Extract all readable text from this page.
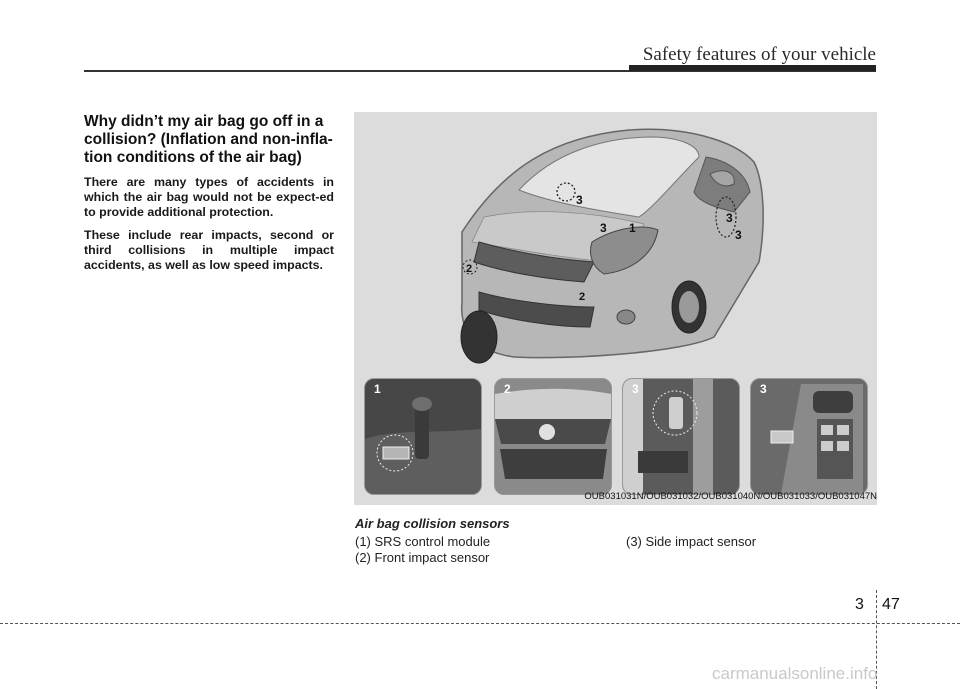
Safety features of your vehicle

Why didn’t my air bag go off in a collision? (Inflation and non-infla-tion conditions of the air bag)

There are many types of accidents in which the air bag would not be expect-ed to provide additional protection.

These include rear impacts, second or third collisions in multiple impact accidents, as well as low speed impacts.

3
3 1
3
3
2
2
1	2	3	3
OUB031031N/OUB031032/OUB031040N/OUB031033/OUB031047N
Air bag collision sensors
(1) SRS control module
(2) Front impact sensor
(3) Side impact sensor
3 47
carmanualsonline.info
